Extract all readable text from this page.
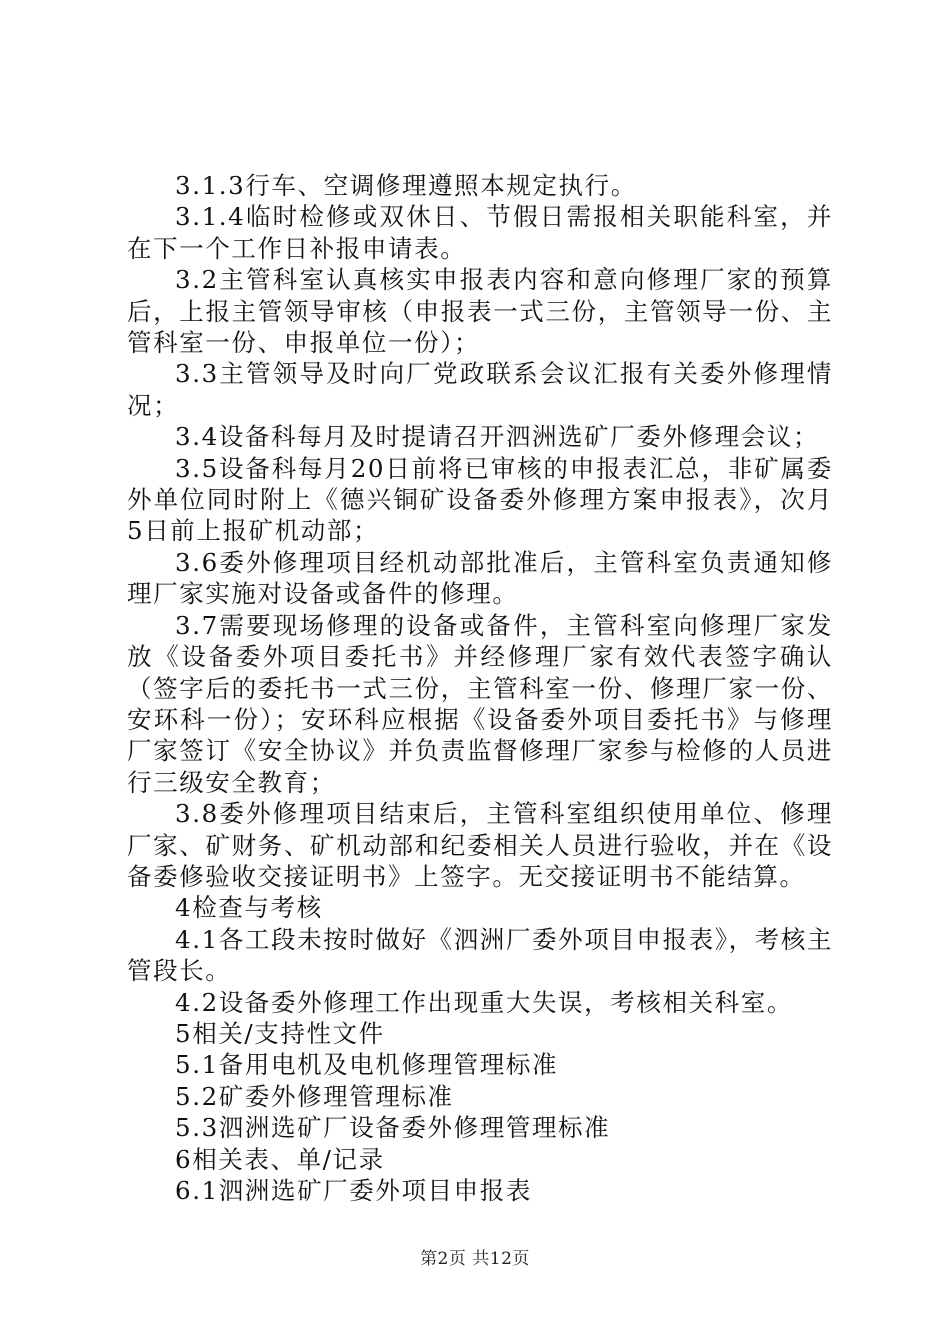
3.1.3行车、空调修理遵照本规定执行。

3.1.4临时检修或双休日、节假日需报相关职能科室，并在下一个工作日补报申请表。

3.2主管科室认真核实申报表内容和意向修理厂家的预算后，上报主管领导审核（申报表一式三份，主管领导一份、主管科室一份、申报单位一份）；

3.3主管领导及时向厂党政联系会议汇报有关委外修理情况；

3.4设备科每月及时提请召开泗洲选矿厂委外修理会议；

3.5设备科每月20日前将已审核的申报表汇总，非矿属委外单位同时附上《德兴铜矿设备委外修理方案申报表》，次月5日前上报矿机动部；

3.6委外修理项目经机动部批准后，主管科室负责通知修理厂家实施对设备或备件的修理。

3.7需要现场修理的设备或备件，主管科室向修理厂家发放《设备委外项目委托书》并经修理厂家有效代表签字确认（签字后的委托书一式三份，主管科室一份、修理厂家一份、安环科一份）；安环科应根据《设备委外项目委托书》与修理厂家签订《安全协议》并负责监督修理厂家参与检修的人员进行三级安全教育；

3.8委外修理项目结束后，主管科室组织使用单位、修理厂家、矿财务、矿机动部和纪委相关人员进行验收，并在《设备委修验收交接证明书》上签字。无交接证明书不能结算。

4检查与考核

4.1各工段未按时做好《泗洲厂委外项目申报表》，考核主管段长。

4.2设备委外修理工作出现重大失误，考核相关科室。

5相关/支持性文件

5.1备用电机及电机修理管理标准

5.2矿委外修理管理标准

5.3泗洲选矿厂设备委外修理管理标准

6相关表、单/记录

6.1泗洲选矿厂委外项目申报表

第2页 共12页
